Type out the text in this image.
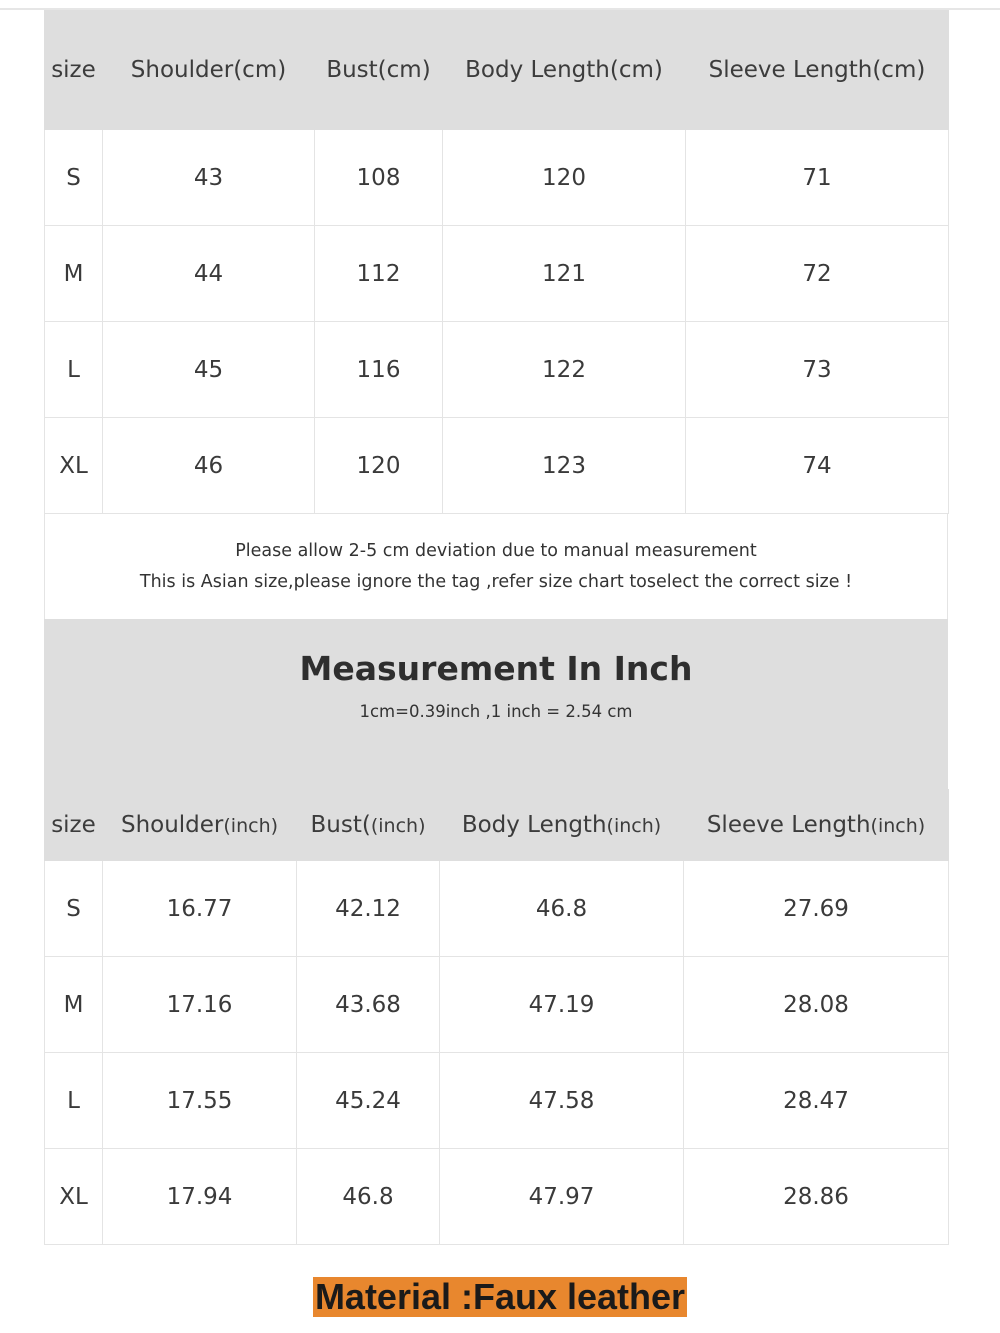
size	Shoulder(cm)	Bust(cm)	Body Length(cm)	Sleeve Length(cm)
S	43	108	120	71
M	44	112	121	72
L	45	116	122	73
XL	46	120	123	74
Please allow 2-5 cm deviation due to manual measurement
This is Asian size,please ignore the tag ,refer size chart toselect the correct size !
Measurement In Inch
1cm=0.39inch ,1 inch = 2.54 cm
size	Shoulder(inch)	Bust((inch)	Body Length(inch)	Sleeve Length(inch)
S	16.77	42.12	46.8	27.69
M	17.16	43.68	47.19	28.08
L	17.55	45.24	47.58	28.47
XL	17.94	46.8	47.97	28.86
Material :Faux leather
